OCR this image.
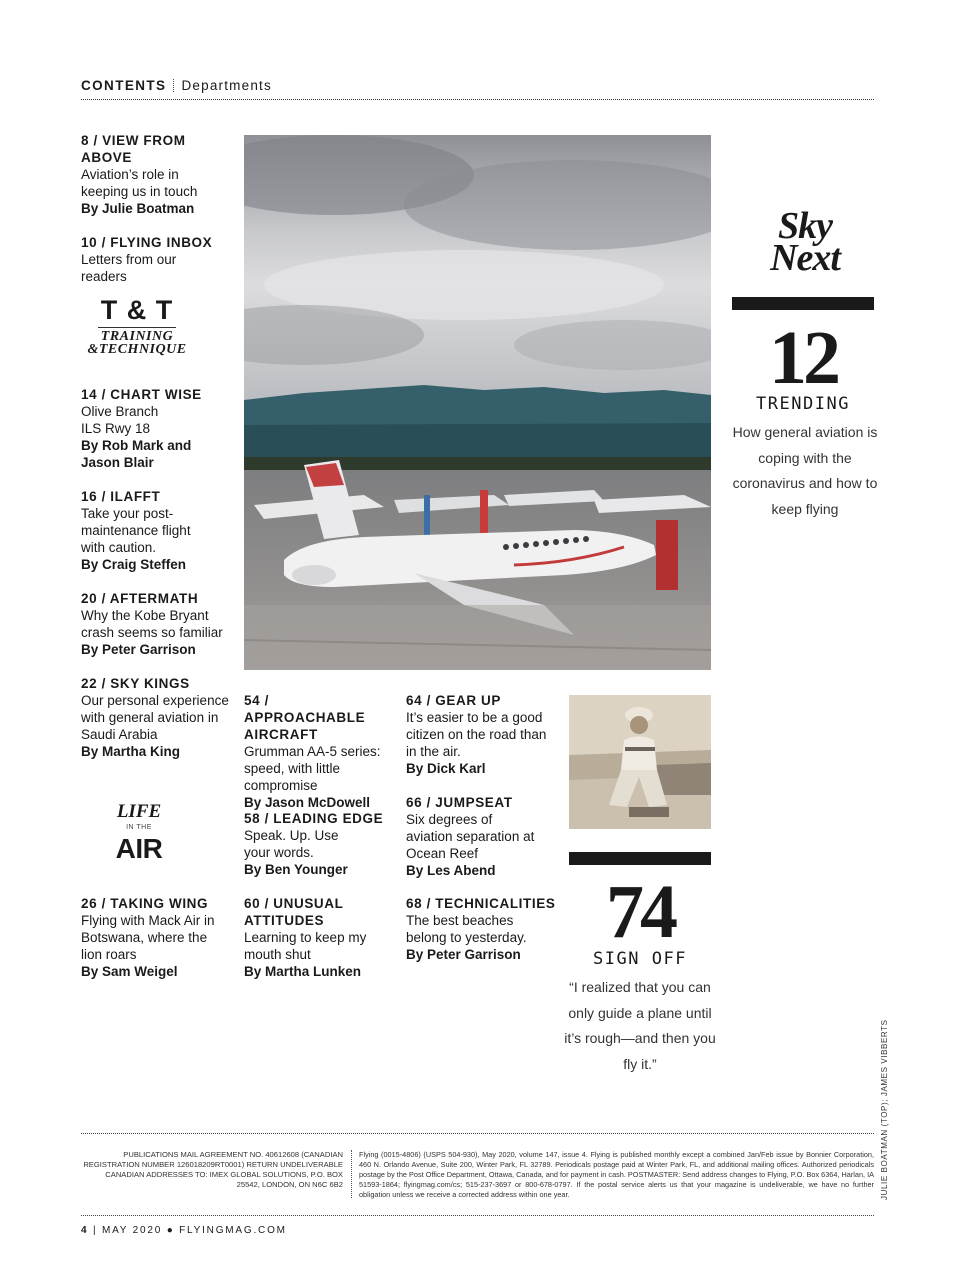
CONTENTS Departments
8 / VIEW FROM ABOVE
Aviation’s role in keeping us in touch
By Julie Boatman
10 / FLYING INBOX
Letters from our readers
T & T
TRAINING
&TECHNIQUE
14 / CHART WISE
Olive Branch ILS Rwy 18
By Rob Mark and Jason Blair
16 / ILAFFT
Take your post-maintenance flight with caution.
By Craig Steffen
20 / AFTERMATH
Why the Kobe Bryant crash seems so familiar
By Peter Garrison
22 / SKY KINGS
Our personal experience with general aviation in Saudi Arabia
By Martha King
LIFE
IN THE
AIR
26 / TAKING WING
Flying with Mack Air in Botswana, where the lion roars
By Sam Weigel
54 / APPROACHABLE AIRCRAFT
Grumman AA-5 series: speed, with little compromise
By Jason McDowell
58 / LEADING EDGE
Speak. Up. Use your words.
By Ben Younger
60 / UNUSUAL ATTITUDES
Learning to keep my mouth shut
By Martha Lunken
64 / GEAR UP
It’s easier to be a good citizen on the road than in the air.
By Dick Karl
66 / JUMPSEAT
Six degrees of aviation separation at Ocean Reef
By Les Abend
68 / TECHNICALITIES
The best beaches belong to yesterday.
By Peter Garrison
Sky
Next
12
TRENDING
How general aviation is coping with the coronavirus and how to keep flying
74
SIGN OFF
“I realized that you can only guide a plane until it’s rough—and then you fly it.”	JULIE BOATMAN (TOP); JAMES VIBBERTS
PUBLICATIONS MAIL AGREEMENT NO. 40612608 (CANADIAN REGISTRATION NUMBER 126018209RT0001) RETURN UNDELIVERABLE CANADIAN ADDRESSES TO: IMEX GLOBAL SOLUTIONS, P.O. BOX 25542, LONDON, ON N6C 6B2
Flying (0015-4806) (USPS 504-930), May 2020, volume 147, issue 4. Flying is published monthly except a combined Jan/Feb issue by Bonnier Corporation, 460 N. Orlando Avenue, Suite 200, Winter Park, FL 32789. Periodicals postage paid at Winter Park, FL, and additional mailing offices. Authorized periodicals postage by the Post Office Department, Ottawa, Canada, and for payment in cash. POSTMASTER: Send address changes to Flying, P.O. Box 6364, Harlan, IA 51593-1864; flyingmag.com/cs; 515-237-3697 or 800-678-0797. If the postal service alerts us that your magazine is undeliverable, we have no further obligation unless we receive a corrected address within one year.
4 | MAY 2020 ● FLYINGMAG.COM
